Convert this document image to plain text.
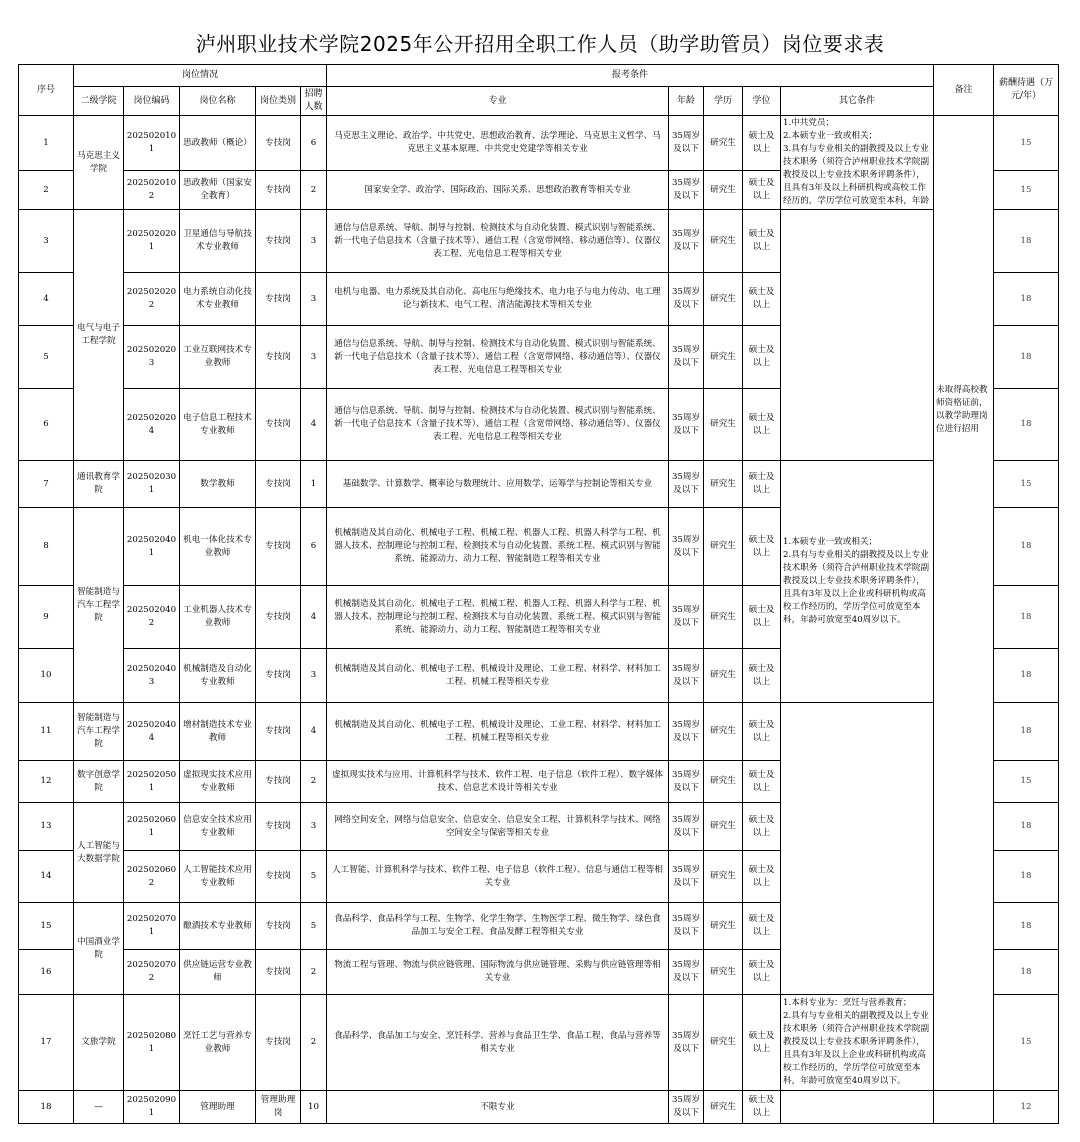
泸州职业技术学院2025年公开招用全职工作人员（助学助管员）岗位要求表
序号	岗位情况					报考条件					备注	薪酬待遇（万元/年）
	二级学院	岗位编码	岗位名称	岗位类别	招聘人数	专业	年龄	学历	学位	其它条件		
1	马克思主义学院	2025020101	思政教师（概论）	专技岗	6	马克思主义理论、政治学、中共党史、思想政治教育、法学理论、马克思主义哲学、马克思主义基本原理、中共党史党建学等相关专业	35周岁及以下	研究生	硕士及以上	1.中共党员；
2.本硕专业一致或相关；
3.具有与专业相关的副教授及以上专业技术职务（须符合泸州职业技术学院副教授及以上专业技术职务评聘条件），且具有3年及以上科研机构或高校工作经历的，学历学位可放宽至本科，年龄	未取得高校教师资格证前，以教学助理岗位进行招用	15
2		2025020102	思政教师（国家安全教育）	专技岗	2	国家安全学、政治学、国际政治、国际关系、思想政治教育等相关专业	35周岁及以下	研究生	硕士及以上			15
3	电气与电子工程学院	2025020201	卫星通信与导航技术专业教师	专技岗	3	通信与信息系统、导航、制导与控制、检测技术与自动化装置、模式识别与智能系统、新一代电子信息技术（含量子技术等）、通信工程（含宽带网络、移动通信等）、仪器仪表工程、光电信息工程等相关专业	35周岁及以下	研究生	硕士及以上			18
4		2025020202	电力系统自动化技术专业教师	专技岗	3	电机与电器、电力系统及其自动化、高电压与绝缘技术、电力电子与电力传动、电工理论与新技术、电气工程、清洁能源技术等相关专业	35周岁及以下	研究生	硕士及以上			18
5		2025020203	工业互联网技术专业教师	专技岗	3	通信与信息系统、导航、制导与控制、检测技术与自动化装置、模式识别与智能系统、新一代电子信息技术（含量子技术等）、通信工程（含宽带网络、移动通信等）、仪器仪表工程、光电信息工程等相关专业	35周岁及以下	研究生	硕士及以上			18
6		2025020204	电子信息工程技术专业教师	专技岗	4	通信与信息系统、导航、制导与控制、检测技术与自动化装置、模式识别与智能系统、新一代电子信息技术（含量子技术等）、通信工程（含宽带网络、移动通信等）、仪器仪表工程、光电信息工程等相关专业	35周岁及以下	研究生	硕士及以上			18
7	通讯教育学院	2025020301	数学教师	专技岗	1	基础数学、计算数学、概率论与数理统计、应用数学、运筹学与控制论等相关专业	35周岁及以下	研究生	硕士及以上	1.本硕专业一致或相关；
2.具有与专业相关的副教授及以上专业技术职务（须符合泸州职业技术学院副教授及以上专业技术职务评聘条件），且具有3年及以上企业或科研机构或高校工作经历的，学历学位可放宽至本科，年龄可放宽至40周岁以下。		15
8	智能制造与汽车工程学院	2025020401	机电一体化技术专业教师	专技岗	6	机械制造及其自动化、机械电子工程、机械工程、机器人工程、机器人科学与工程、机器人技术、控制理论与控制工程、检测技术与自动化装置、系统工程、模式识别与智能系统、能源动力、动力工程、智能制造工程等相关专业	35周岁及以下	研究生	硕士及以上			18
9		2025020402	工业机器人技术专业教师	专技岗	4	机械制造及其自动化、机械电子工程、机械工程、机器人工程、机器人科学与工程、机器人技术、控制理论与控制工程、检测技术与自动化装置、系统工程、模式识别与智能系统、能源动力、动力工程、智能制造工程等相关专业	35周岁及以下	研究生	硕士及以上			18
10		2025020403	机械制造及自动化专业教师	专技岗	3	机械制造及其自动化、机械电子工程、机械设计及理论、工业工程、材料学、材料加工工程、机械工程等相关专业	35周岁及以下	研究生	硕士及以上			18
11	智能制造与汽车工程学院	2025020404	增材制造技术专业教师	专技岗	4	机械制造及其自动化、机械电子工程、机械设计及理论、工业工程、材料学、材料加工工程、机械工程等相关专业	35周岁及以下	研究生	硕士及以上			18
12	数字创意学院	2025020501	虚拟现实技术应用专业教师	专技岗	2	虚拟现实技术与应用、计算机科学与技术、软件工程、电子信息（软件工程）、数字媒体技术、信息艺术设计等相关专业	35周岁及以下	研究生	硕士及以上			15
13	人工智能与大数据学院	2025020601	信息安全技术应用专业教师	专技岗	3	网络空间安全、网络与信息安全、信息安全、信息安全工程、计算机科学与技术、网络空间安全与保密等相关专业	35周岁及以下	研究生	硕士及以上			18
14		2025020602	人工智能技术应用专业教师	专技岗	5	人工智能、计算机科学与技术、软件工程、电子信息（软件工程）、信息与通信工程等相关专业	35周岁及以下	研究生	硕士及以上			18
15	中国酒业学院	2025020701	酿酒技术专业教师	专技岗	5	食品科学、食品科学与工程、生物学、化学生物学、生物医学工程、微生物学、绿色食品加工与安全工程、食品发酵工程等相关专业	35周岁及以下	研究生	硕士及以上			18
16		2025020702	供应链运营专业教师	专技岗	2	物流工程与管理、物流与供应链管理、国际物流与供应链管理、采购与供应链管理等相关专业	35周岁及以下	研究生	硕士及以上			18
17	文旅学院	2025020801	烹饪工艺与营养专业教师	专技岗	2	食品科学、食品加工与安全、烹饪科学、营养与食品卫生学、食品工程、食品与营养等相关专业	35周岁及以下	研究生	硕士及以上	1.本科专业为：烹饪与营养教育；
2.具有与专业相关的副教授及以上专业技术职务（须符合泸州职业技术学院副教授及以上专业技术职务评聘条件），且具有3年及以上企业或科研机构或高校工作经历的，学历学位可放宽至本科，年龄可放宽至40周岁以下。		15
18	—	2025020901	管理助理	管理助理岗	10	不限专业	35周岁及以下	研究生	硕士及以上			12
